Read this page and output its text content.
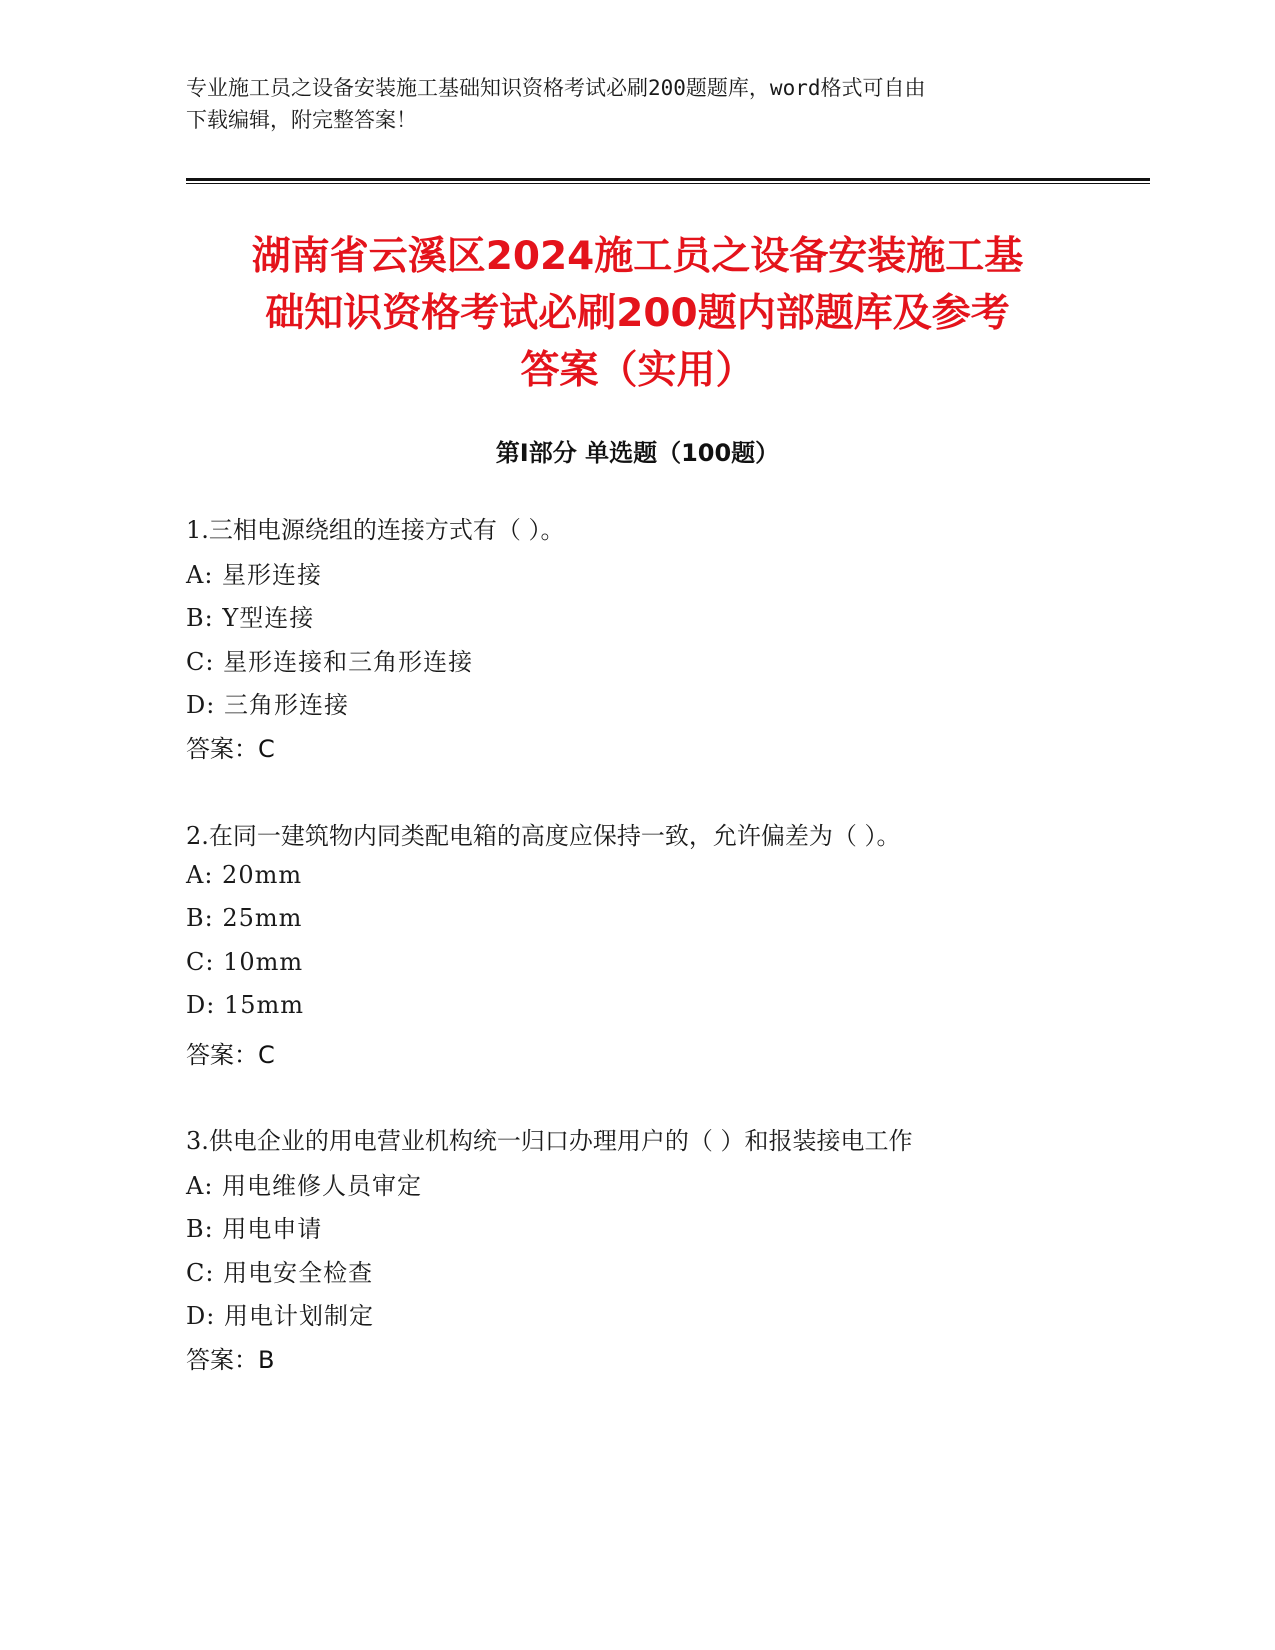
专业施工员之设备安装施工基础知识资格考试必刷200题题库，word格式可自由

下载编辑，附完整答案！

湖南省云溪区2024施工员之设备安装施工基
础知识资格考试必刷200题内部题库及参考
答案（实用）
第Ⅰ部分 单选题（100题）
1.三相电源绕组的连接方式有（ ）。
A: 星形连接
B: Y型连接
C: 星形连接和三角形连接
D: 三角形连接
答案：C
2.在同一建筑物内同类配电箱的高度应保持一致，允许偏差为（ ）。
A: 20mm
B: 25mm
C: 10mm
D: 15mm
答案：C
3.供电企业的用电营业机构统一归口办理用户的（ ）和报装接电工作
A: 用电维修人员审定
B: 用电申请
C: 用电安全检查
D: 用电计划制定
答案：B
